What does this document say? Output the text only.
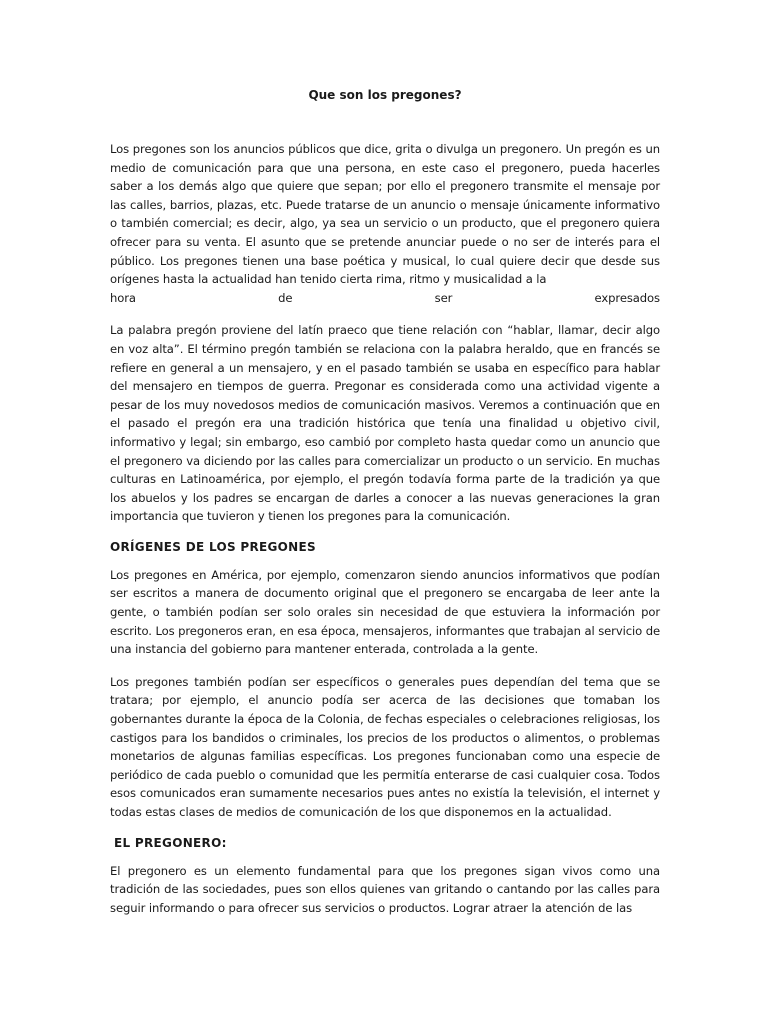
Que son los pregones?

Los pregones son los anuncios públicos que dice, grita o divulga un pregonero. Un pregón es un medio de comunicación para que una persona, en este caso el pregonero, pueda hacerles saber a los demás algo que quiere que sepan; por ello el pregonero transmite el mensaje por las calles, barrios, plazas, etc. Puede tratarse de un anuncio o mensaje únicamente informativo o también comercial; es decir, algo, ya sea un servicio o un producto, que el pregonero quiera ofrecer para su venta. El asunto que se pretende anunciar puede o no ser de interés para el público. Los pregones tienen una base poética y musical, lo cual quiere decir que desde sus orígenes hasta la actualidad han tenido cierta rima, ritmo y musicalidad a la

hora de ser expresados

La palabra pregón proviene del latín praeco que tiene relación con “hablar, llamar, decir algo en voz alta”. El término pregón también se relaciona con la palabra heraldo, que en francés se refiere en general a un mensajero, y en el pasado también se usaba en específico para hablar del mensajero en tiempos de guerra. Pregonar es considerada como una actividad vigente a pesar de los muy novedosos medios de comunicación masivos. Veremos a continuación que en el pasado el pregón era una tradición histórica que tenía una finalidad u objetivo civil, informativo y legal; sin embargo, eso cambió por completo hasta quedar como un anuncio que el pregonero va diciendo por las calles para comercializar un producto o un servicio. En muchas culturas en Latinoamérica, por ejemplo, el pregón todavía forma parte de la tradición ya que los abuelos y los padres se encargan de darles a conocer a las nuevas generaciones la gran importancia que tuvieron y tienen los pregones para la comunicación.

ORÍGENES DE LOS PREGONES

Los pregones en América, por ejemplo, comenzaron siendo anuncios informativos que podían ser escritos a manera de documento original que el pregonero se encargaba de leer ante la gente, o también podían ser solo orales sin necesidad de que estuviera la información por escrito. Los pregoneros eran, en esa época, mensajeros, informantes que trabajan al servicio de una instancia del gobierno para mantener enterada, controlada a la gente.

Los pregones también podían ser específicos o generales pues dependían del tema que se tratara; por ejemplo, el anuncio podía ser acerca de las decisiones que tomaban los gobernantes durante la época de la Colonia, de fechas especiales o celebraciones religiosas, los castigos para los bandidos o criminales, los precios de los productos o alimentos, o problemas monetarios de algunas familias específicas. Los pregones funcionaban como una especie de periódico de cada pueblo o comunidad que les permitía enterarse de casi cualquier cosa. Todos esos comunicados eran sumamente necesarios pues antes no existía la televisión, el internet y todas estas clases de medios de comunicación de los que disponemos en la actualidad.

EL PREGONERO:

El pregonero es un elemento fundamental para que los pregones sigan vivos como una tradición de las sociedades, pues son ellos quienes van gritando o cantando por las calles para seguir informando o para ofrecer sus servicios o productos. Lograr atraer la atención de las
